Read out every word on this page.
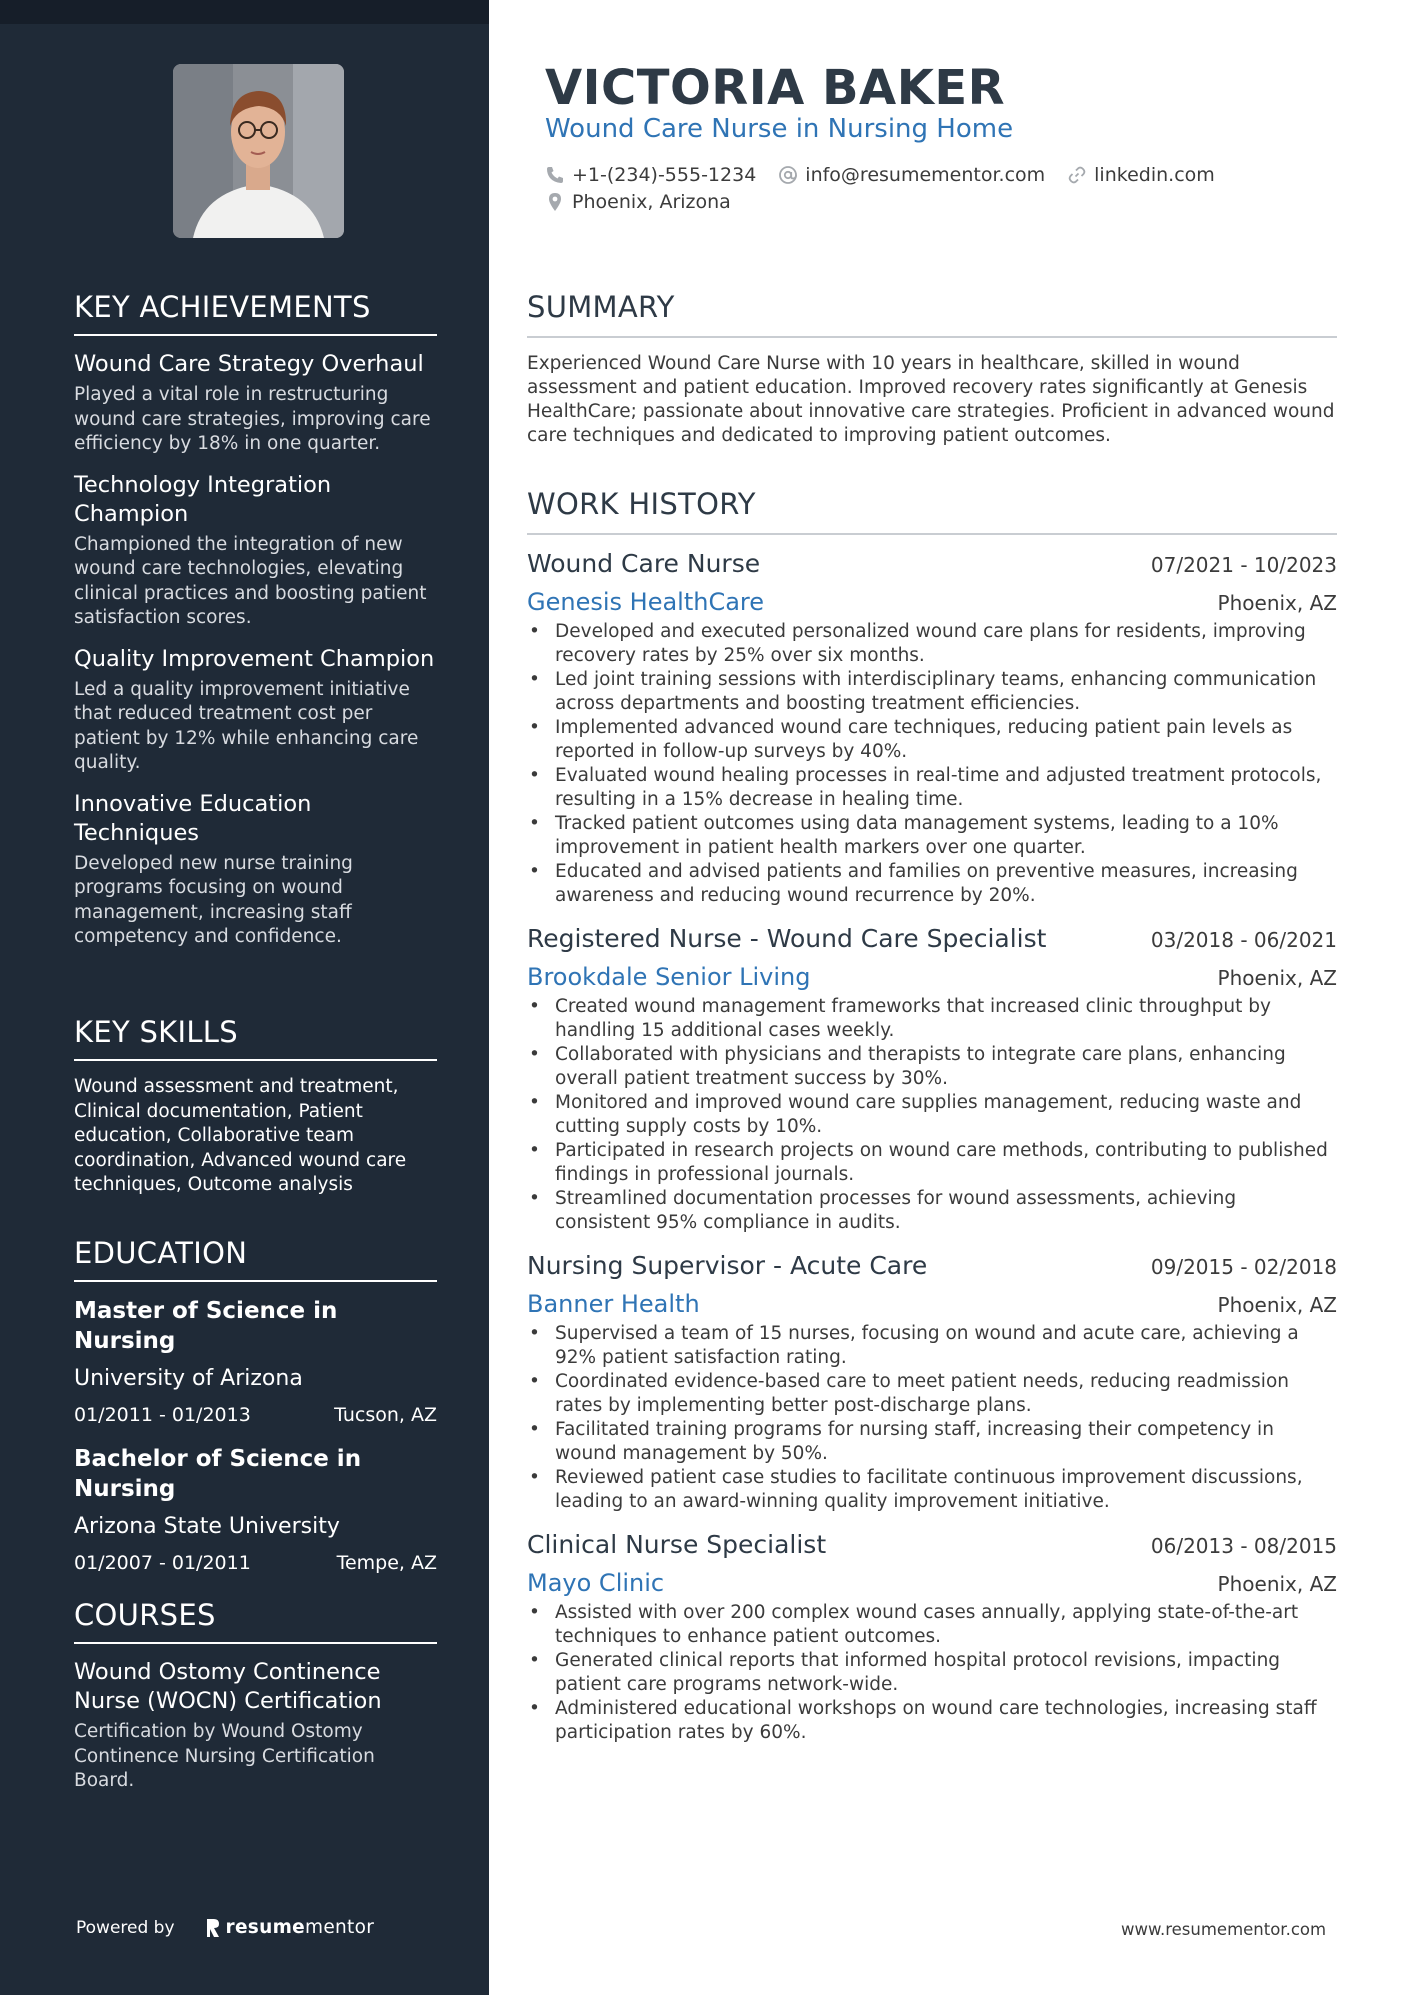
KEY ACHIEVEMENTS
Wound Care Strategy Overhaul
Played a vital role in restructuring wound care strategies, improving care efficiency by 18% in one quarter.
Technology Integration Champion
Championed the integration of new wound care technologies, elevating clinical practices and boosting patient satisfaction scores.
Quality Improvement Champion
Led a quality improvement initiative that reduced treatment cost per patient by 12% while enhancing care quality.
Innovative Education Techniques
Developed new nurse training programs focusing on wound management, increasing staff competency and confidence.
KEY SKILLS
Wound assessment and treatment, Clinical documentation, Patient education, Collaborative team coordination, Advanced wound care techniques, Outcome analysis
EDUCATION
Master of Science in Nursing
University of Arizona
01/2011 - 01/2013	Tucson, AZ
Bachelor of Science in Nursing
Arizona State University
01/2007 - 01/2011	Tempe, AZ
COURSES
Wound Ostomy Continence Nurse (WOCN) Certification
Certification by Wound Ostomy Continence Nursing Certification Board.
Powered by	resumementor
VICTORIA BAKER
Wound Care Nurse in Nursing Home
+1-(234)-555-1234	info@resumementor.com	linkedin.com
Phoenix, Arizona
SUMMARY

Experienced Wound Care Nurse with 10 years in healthcare, skilled in wound assessment and patient education. Improved recovery rates significantly at Genesis HealthCare; passionate about innovative care strategies. Proficient in advanced wound care techniques and dedicated to improving patient outcomes.

WORK HISTORY
Wound Care Nurse	07/2021 - 10/2023
Genesis HealthCare	Phoenix, AZ
• Developed and executed personalized wound care plans for residents, improving recovery rates by 25% over six months.
• Led joint training sessions with interdisciplinary teams, enhancing communication across departments and boosting treatment efficiencies.
• Implemented advanced wound care techniques, reducing patient pain levels as reported in follow-up surveys by 40%.
• Evaluated wound healing processes in real-time and adjusted treatment protocols, resulting in a 15% decrease in healing time.
• Tracked patient outcomes using data management systems, leading to a 10% improvement in patient health markers over one quarter.
• Educated and advised patients and families on preventive measures, increasing awareness and reducing wound recurrence by 20%.
Registered Nurse - Wound Care Specialist	03/2018 - 06/2021
Brookdale Senior Living	Phoenix, AZ
• Created wound management frameworks that increased clinic throughput by handling 15 additional cases weekly.
• Collaborated with physicians and therapists to integrate care plans, enhancing overall patient treatment success by 30%.
• Monitored and improved wound care supplies management, reducing waste and cutting supply costs by 10%.
• Participated in research projects on wound care methods, contributing to published findings in professional journals.
• Streamlined documentation processes for wound assessments, achieving consistent 95% compliance in audits.
Nursing Supervisor - Acute Care	09/2015 - 02/2018
Banner Health	Phoenix, AZ
• Supervised a team of 15 nurses, focusing on wound and acute care, achieving a 92% patient satisfaction rating.
• Coordinated evidence-based care to meet patient needs, reducing readmission rates by implementing better post-discharge plans.
• Facilitated training programs for nursing staff, increasing their competency in wound management by 50%.
• Reviewed patient case studies to facilitate continuous improvement discussions, leading to an award-winning quality improvement initiative.
Clinical Nurse Specialist	06/2013 - 08/2015
Mayo Clinic	Phoenix, AZ
• Assisted with over 200 complex wound cases annually, applying state-of-the-art techniques to enhance patient outcomes.
• Generated clinical reports that informed hospital protocol revisions, impacting patient care programs network-wide.
• Administered educational workshops on wound care technologies, increasing staff participation rates by 60%.
www.resumementor.com
